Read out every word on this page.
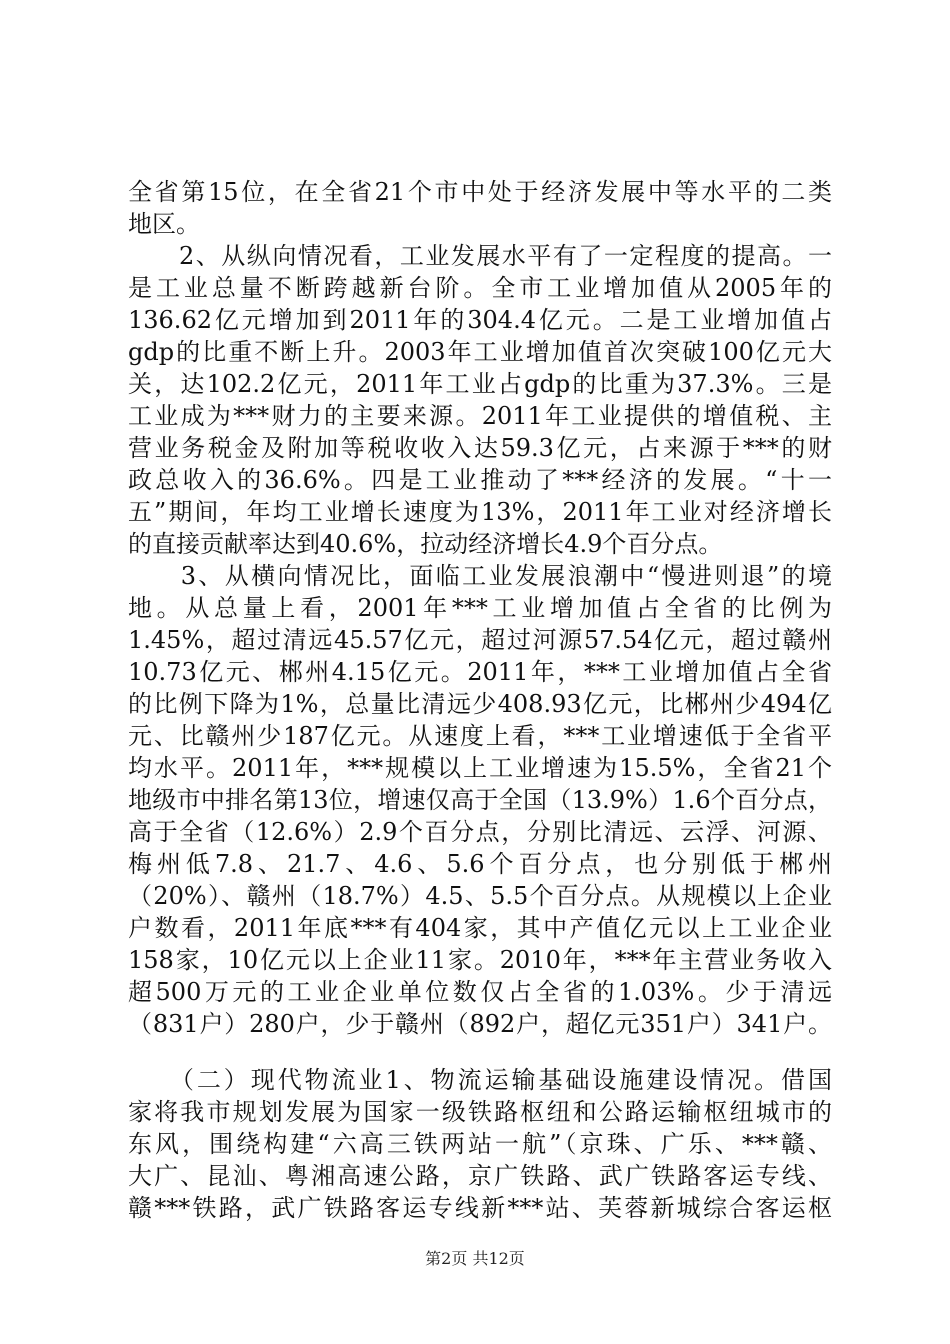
全省第15位，在全省21个市中处于经济发展中等水平的二类
地区。
　　2、从纵向情况看，工业发展水平有了一定程度的提高。一
是工业总量不断跨越新台阶。全市工业增加值从2005年的
136.62亿元增加到2011年的304.4亿元。二是工业增加值占
gdp的比重不断上升。2003年工业增加值首次突破100亿元大
关，达102.2亿元，2011年工业占gdp的比重为37.3%。三是
工业成为***财力的主要来源。2011年工业提供的增值税、主
营业务税金及附加等税收收入达59.3亿元，占来源于***的财
政总收入的36.6%。四是工业推动了***经济的发展。“十一
五”期间，年均工业增长速度为13%，2011年工业对经济增长
的直接贡献率达到40.6%，拉动经济增长4.9个百分点。
　　3、从横向情况比，面临工业发展浪潮中“慢进则退”的境
地。从总量上看，2001年***工业增加值占全省的比例为
1.45%，超过清远45.57亿元，超过河源57.54亿元，超过赣州
10.73亿元、郴州4.15亿元。2011年，***工业增加值占全省
的比例下降为1%，总量比清远少408.93亿元，比郴州少494亿
元、比赣州少187亿元。从速度上看，***工业增速低于全省平
均水平。2011年，***规模以上工业增速为15.5%，全省21个
地级市中排名第13位，增速仅高于全国（13.9%）1.6个百分点，
高于全省（12.6%）2.9个百分点，分别比清远、云浮、河源、
梅州低7.8、21.7、4.6、5.6个百分点，也分别低于郴州
（20%）、赣州（18.7%）4.5、5.5个百分点。从规模以上企业
户数看，2011年底***有404家，其中产值亿元以上工业企业
158家，10亿元以上企业11家。2010年，***年主营业务收入
超500万元的工业企业单位数仅占全省的1.03%。少于清远
（831户）280户，少于赣州（892户，超亿元351户）341户。
　　（二）现代物流业1、物流运输基础设施建设情况。借国
家将我市规划发展为国家一级铁路枢纽和公路运输枢纽城市的
东风，围绕构建“六高三铁两站一航”（京珠、广乐、***赣、
大广、昆汕、粤湘高速公路，京广铁路、武广铁路客运专线、
赣***铁路，武广铁路客运专线新***站、芙蓉新城综合客运枢
第2页 共12页
